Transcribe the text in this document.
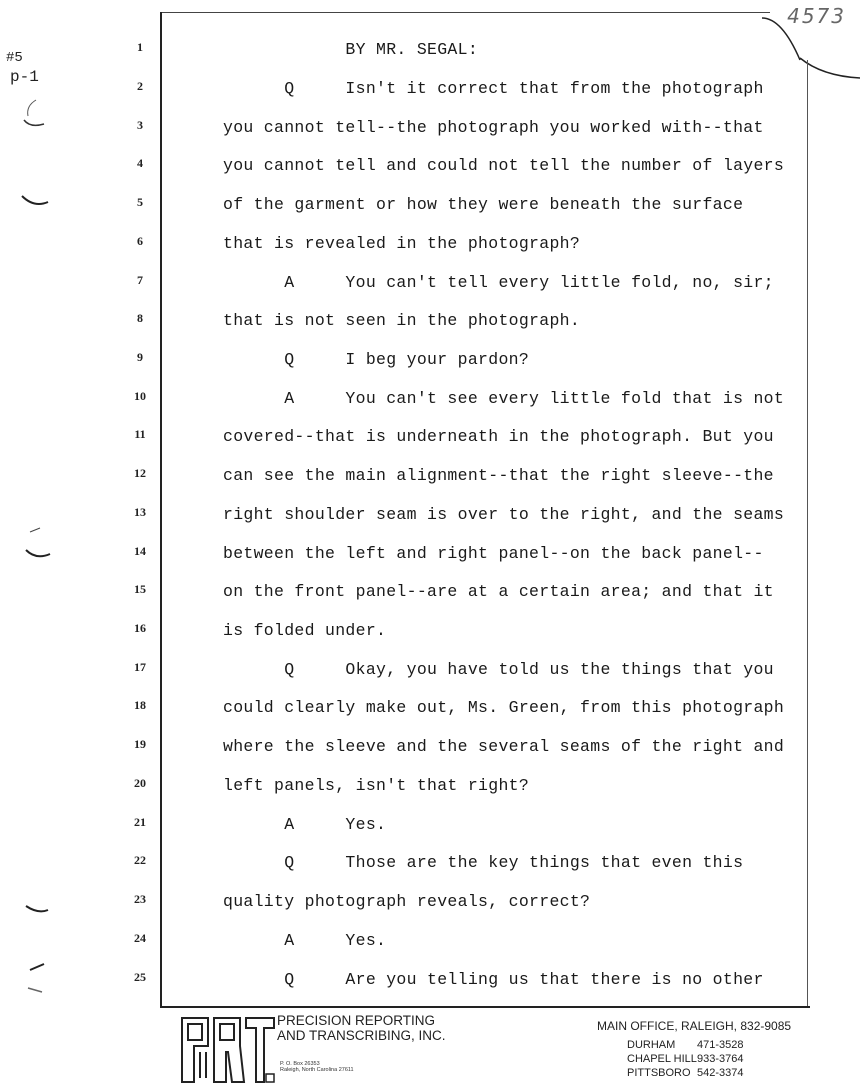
#5
p-1
4573
1
2
3
4
5
6
7
8
9
10
11
12
13
14
15
16
17
18
19
20
21
22
23
24
25
BY MR. SEGAL:
Q     Isn't it correct that from the photograph
you cannot tell--the photograph you worked with--that
you cannot tell and could not tell the number of layers
of the garment or how they were beneath the surface
that is revealed in the photograph?
A     You can't tell every little fold, no, sir;
that is not seen in the photograph.
Q     I beg your pardon?
A     You can't see every little fold that is not
covered--that is underneath in the photograph. But you
can see the main alignment--that the right sleeve--the
right shoulder seam is over to the right, and the seams
between the left and right panel--on the back panel--
on the front panel--are at a certain area; and that it
is folded under.
Q     Okay, you have told us the things that you
could clearly make out, Ms. Green, from this photograph
where the sleeve and the several seams of the right and
left panels, isn't that right?
A     Yes.
Q     Those are the key things that even this
quality photograph reveals, correct?
A     Yes.
Q     Are you telling us that there is no other
PRECISION REPORTING
AND TRANSCRIBING, INC.
P. O. Box 26353
Raleigh, North Carolina 27611
MAIN OFFICE, RALEIGH, 832-9085
DURHAM 471-3528
CHAPEL HILL933-3764
PITTSBORO 542-3374
